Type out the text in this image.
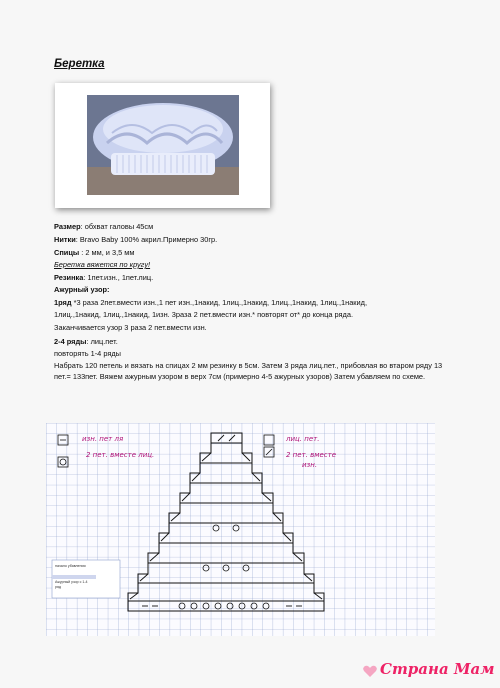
Беретка
Размер: обхват галовы 45см
Нитки: Bravo Baby 100% акрил.Примерно 30гр.
Спицы : 2 мм, и 3,5 мм
Беретка вяжется по кругу!
Резинка: 1пет.изн., 1пет.лиц.
Ажурный узор:
1ряд *3 раза 2пет.вмести изн.,1 пет изн.,1накид, 1лиц.,1накид, 1лиц.,1накид, 1лиц.,1накид,
1лиц.,1накид, 1лиц.,1накид, 1изн. 3раза 2 пет.вмести изн.* повторят от* до конца ряда.
Заканчивается узор 3 раза 2 пет.вмести изн.
2-4 ряды: лиц.пет.
повторять 1-4 ряды
Набрать 120 петель и вязать на спицах 2 мм резинку в 5см. Затем 3 ряда лиц.пет., прибовлая во втаром ряду 13 пет.= 133пет. Вяжем ажурным узором в верх 7см (примерно 4-5 ажурных узоров) Затем убавляем по схеме.
изн. пет ля
2 пет. вместе лиц.
лиц. пет.
2 пет. вместе
изн.
начало убавления
Ажурный узор с 1-4
ряд
Страна Мам
